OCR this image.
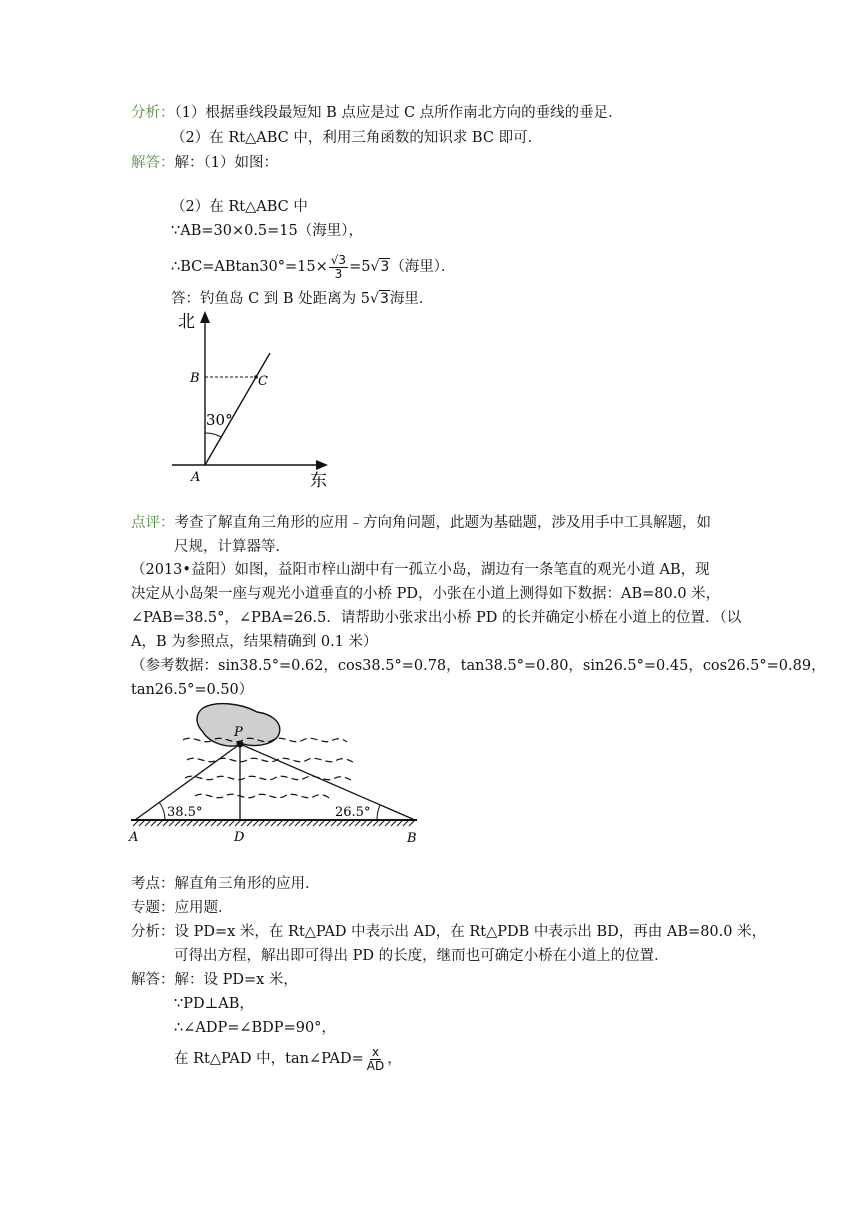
分析：（1）根据垂线段最短知 B 点应是过 C 点所作南北方向的垂线的垂足．
（2）在 Rt△ABC 中，利用三角函数的知识求 BC 即可．
解答：解：（1）如图：
（2）在 Rt△ABC 中
∵AB=30×0.5=15（海里），
∴BC=ABtan30°=15× $\frac{√3}{3} =5√3$（海里）．
答：钓鱼岛 C 到 B 处距离为 5√3海里．
北
东
A
B	C
30°
点评：考查了解直角三角形的应用﹣方向角问题，此题为基础题，涉及用手中工具解题，如
尺规，计算器等．
（2013•益阳）如图，益阳市梓山湖中有一孤立小岛，湖边有一条笔直的观光小道 AB，现
决定从小岛架一座与观光小道垂直的小桥 PD，小张在小道上测得如下数据：AB=80.0 米，
∠PAB=38.5°，∠PBA=26.5．请帮助小张求出小桥 PD 的长并确定小桥在小道上的位置．（以
A，B 为参照点，结果精确到 0.1 米）
（参考数据：sin38.5°=0.62，cos38.5°=0.78，tan38.5°=0.80，sin26.5°=0.45，cos26.5°=0.89，
tan26.5°=0.50）
P
A	D	B
38.5°	26.5°
考点：解直角三角形的应用．
专题：应用题．
分析：设 PD=x 米，在 Rt△PAD 中表示出 AD，在 Rt△PDB 中表示出 BD，再由 AB=80.0 米，
可得出方程，解出即可得出 PD 的长度，继而也可确定小桥在小道上的位置．
解答：解：设 PD=x 米，
∵PD⊥AB，
∴∠ADP=∠BDP=90°，
在 Rt△PAD 中，tan∠PAD= $\frac{x}{AD}$ ，
